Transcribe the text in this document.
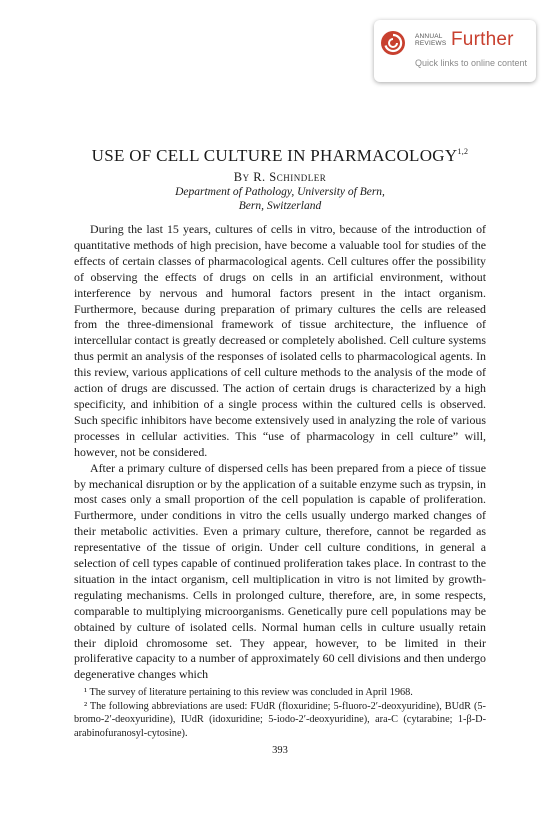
ANNUAL
REVIEWS Further
Quick links to online content
USE OF CELL CULTURE IN PHARMACOLOGY$^{1,2}$
By R. Schindler
Department of Pathology, University of Bern,
Bern, Switzerland

During the last 15 years, cultures of cells in vitro, because of the introduction of quantitative methods of high precision, have become a valuable tool for studies of the effects of certain classes of pharmacological agents. Cell cultures offer the possibility of observing the effects of drugs on cells in an artificial environment, without interference by nervous and humoral factors present in the intact organism. Furthermore, because during preparation of primary cultures the cells are released from the three-dimensional framework of tissue architecture, the influence of intercellular contact is greatly decreased or completely abolished. Cell culture systems thus permit an analysis of the responses of isolated cells to pharmacological agents. In this review, various applications of cell culture methods to the analysis of the mode of action of drugs are discussed. The action of certain drugs is characterized by a high specificity, and inhibition of a single process within the cultured cells is observed. Such specific inhibitors have become extensively used in analyzing the role of various processes in cellular activities. This “use of pharmacology in cell culture” will, however, not be considered.

After a primary culture of dispersed cells has been prepared from a piece of tissue by mechanical disruption or by the application of a suitable enzyme such as trypsin, in most cases only a small proportion of the cell population is capable of proliferation. Furthermore, under conditions in vitro the cells usually undergo marked changes of their metabolic activities. Even a primary culture, therefore, cannot be regarded as representative of the tissue of origin. Under cell culture conditions, in general a selection of cell types capable of continued proliferation takes place. In contrast to the situation in the intact organism, cell multiplication in vitro is not limited by growth-regulating mechanisms. Cells in prolonged culture, therefore, are, in some respects, comparable to multiplying microorganisms. Genetically pure cell populations may be obtained by culture of isolated cells. Normal human cells in culture usually retain their diploid chromosome set. They appear, however, to be limited in their proliferative capacity to a number of approximately 60 cell divisions and then undergo degenerative changes which

¹ The survey of literature pertaining to this review was concluded in April 1968.

² The following abbreviations are used: FUdR (floxuridine; 5-fluoro-2′-deoxyuridine), BUdR (5-bromo-2′-deoxyuridine), IUdR (idoxuridine; 5-iodo-2′-deoxyuridine), ara-C (cytarabine; 1-β-D-arabinofuranosyl-cytosine).

393
